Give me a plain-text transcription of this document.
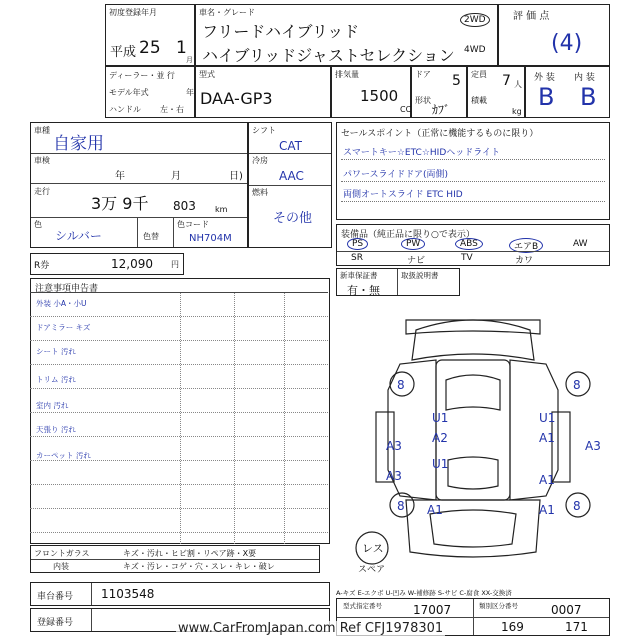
初度登録年月
平成 25 1
月
車名・グレード
フリードハイブリッド
ハイブリッドジャストセレクション
2WD
4WD
評 価 点
(4)
ディーラー・並 行
モデル年式	年
ハンドル 左・右
型式
DAA-GP3
排気量
1500
CC
ドア 5
形状
ｶﾌﾞ
定員 7 人
積載
kg
外 装 内 装
B B
車種
自家用
車検
年	月	日)
走行
3万 9千 803 km
色
シルバー	色替
色コード
NH704M
シフト
CAT
冷房
AAC
燃料
その他
R券	12,090 円
セールスポイント（正常に機能するものに限り）
スマートキー☆ETC☆HIDヘッドライト
パワースライドドア(両側)
両側オートスライド ETC HID
装備品（純正品に限り○で表示）
PS	PW	ABS	エアB	AW
SR	ナビ	TV	カワ
新車保証書
有・無
取扱説明書
注意事項申告書
外装 小A・小U
ドアミラー キズ
シート 汚れ
トリム 汚れ
室内 汚れ
天張り 汚れ
カーペット 汚れ
8	8
8	8
U1	U1
A2	A1
A3	A3
U1
A1
A3
A1	A1
レス
スペア
フロントガラス	キズ・汚れ・ヒビ割・リペア跡・X要
内装	キズ・汚レ・コゲ・穴・スレ・キレ・破レ
車台番号 1103548
登録番号
A-キズ E-エクボ U-凹み W-補修跡 S-サビ C-腐食 XX-交換済
型式指定番号	17007	類別区分番号	0007
169	171
www.CarFromJapan.com Ref CFJ1978301
